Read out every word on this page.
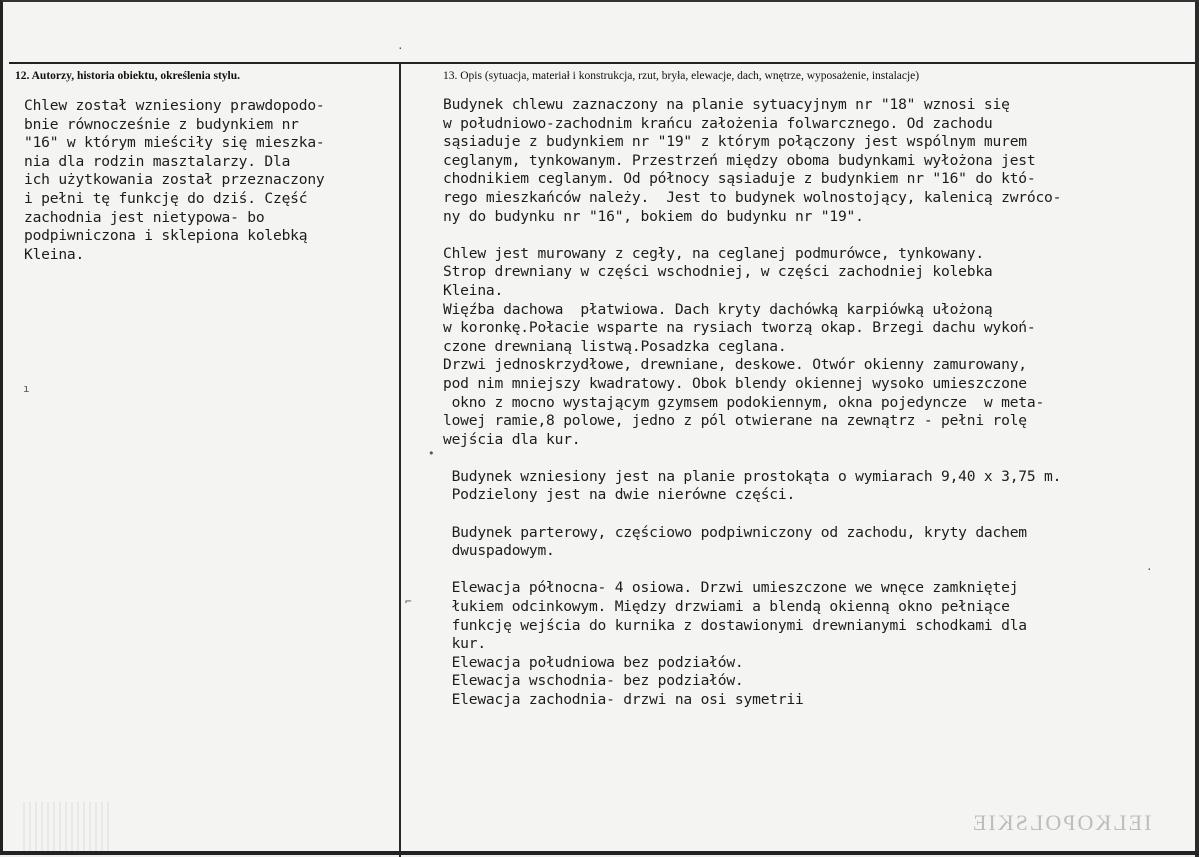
12. Autorzy, historia obiektu, określenia stylu.	13. Opis (sytuacja, materiał i konstrukcja, rzut, bryła, elewacje, dach, wnętrze, wyposażenie, instalacje)
Chlew został wzniesiony prawdopodo-
bnie równocześnie z budynkiem nr
"16" w którym mieściły się mieszka-
nia dla rodzin masztalarzy. Dla
ich użytkowania został przeznaczony
i pełni tę funkcję do dziś. Część
zachodnia jest nietypowa- bo
podpiwniczona i sklepiona kolebką
Kleina.
Budynek chlewu zaznaczony na planie sytuacyjnym nr "18" wznosi się
w południowo-zachodnim krańcu założenia folwarcznego. Od zachodu
sąsiaduje z budynkiem nr "19" z którym połączony jest wspólnym murem
ceglanym, tynkowanym. Przestrzeń między oboma budynkami wyłożona jest
chodnikiem ceglanym. Od północy sąsiaduje z budynkiem nr "16" do któ-
rego mieszkańców należy.  Jest to budynek wolnostojący, kalenicą zwróco-
ny do budynku nr "16", bokiem do budynku nr "19".

Chlew jest murowany z cegły, na ceglanej podmurówce, tynkowany.
Strop drewniany w części wschodniej, w części zachodniej kolebka
Kleina.
Więźba dachowa  płatwiowa. Dach kryty dachówką karpiówką ułożoną
w koronkę.Połacie wsparte na rysiach tworzą okap. Brzegi dachu wykoń-
czone drewnianą listwą.Posadzka ceglana.
Drzwi jednoskrzydłowe, drewniane, deskowe. Otwór okienny zamurowany,
pod nim mniejszy kwadratowy. Obok blendy okiennej wysoko umieszczone
okno z mocno wystającym gzymsem podokiennym, okna pojedyncze  w meta-
lowej ramie,8 polowe, jedno z pól otwierane na zewnątrz - pełni rolę
wejścia dla kur.

Budynek wzniesiony jest na planie prostokąta o wymiarach 9,40 x 3,75 m.
Podzielony jest na dwie nierówne części.

Budynek parterowy, częściowo podpiwniczony od zachodu, kryty dachem
dwuspadowym.

Elewacja północna- 4 osiowa. Drzwi umieszczone we wnęce zamkniętej
łukiem odcinkowym. Między drzwiami a blendą okienną okno pełniące
funkcję wejścia do kurnika z dostawionymi drewnianymi schodkami dla
kur.
Elewacja południowa bez podziałów.
Elewacja wschodnia- bez podziałów.
Elewacja zachodnia- drzwi na osi symetrii
·
ı
•
⌐
·
IELKOPOLSKIE
